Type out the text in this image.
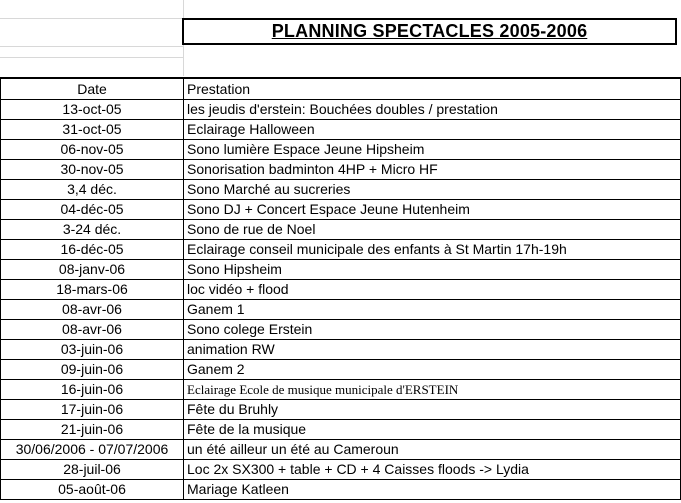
PLANNING SPECTACLES 2005-2006
Date	Prestation
13-oct-05	les jeudis d'erstein: Bouchées doubles / prestation
31-oct-05	Eclairage Halloween
06-nov-05	Sono lumière Espace Jeune Hipsheim
30-nov-05	Sonorisation badminton 4HP + Micro HF
3,4 déc.	Sono Marché au sucreries
04-déc-05	Sono DJ + Concert Espace Jeune Hutenheim
3-24 déc.	Sono de rue de Noel
16-déc-05	Eclairage conseil municipale des enfants à St Martin 17h-19h
08-janv-06	Sono Hipsheim
18-mars-06	loc vidéo + flood
08-avr-06	Ganem 1
08-avr-06	Sono colege Erstein
03-juin-06	animation RW
09-juin-06	Ganem 2
16-juin-06	Eclairage Ecole de musique municipale d'ERSTEIN
17-juin-06	Fête du Bruhly
21-juin-06	Fête de la musique
30/06/2006 - 07/07/2006	un été ailleur un été au Cameroun
28-juil-06	Loc 2x SX300 + table + CD + 4 Caisses floods -> Lydia
05-août-06	Mariage Katleen
